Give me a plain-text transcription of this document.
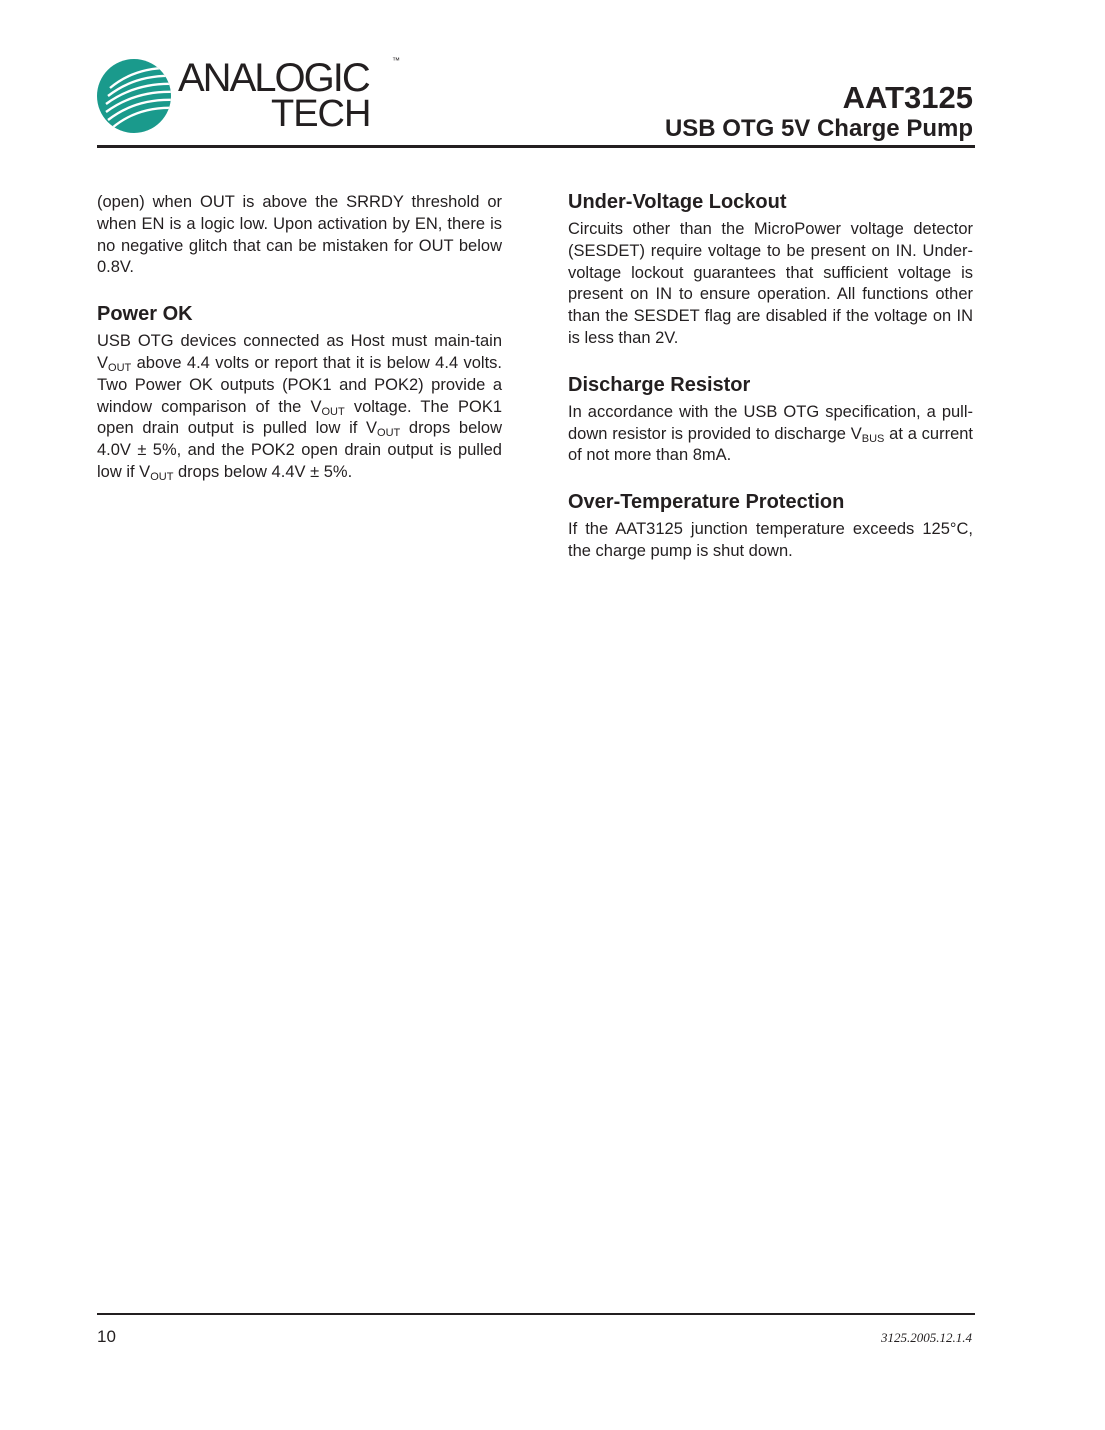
ANALOGIC	™
TECH	AAT3125
USB OTG 5V Charge Pump

(open) when OUT is above the SRRDY threshold or when EN is a logic low. Upon activation by EN, there is no negative glitch that can be mistaken for OUT below 0.8V.

Power OK

USB OTG devices connected as Host must main-tain $V_{OUT}$ above 4.4 volts or report that it is below 4.4 volts. Two Power OK outputs (POK1 and POK2) provide a window comparison of the $V_{OUT}$ voltage. The POK1 open drain output is pulled low if $V_{OUT}$ drops below 4.0V ± 5%, and the POK2 open drain output is pulled low if $V_{OUT}$ drops below 4.4V ± 5%.

Under-Voltage Lockout

Circuits other than the MicroPower voltage detector (SESDET) require voltage to be present on IN. Under-voltage lockout guarantees that sufficient voltage is present on IN to ensure operation. All functions other than the SESDET flag are disabled if the voltage on IN is less than 2V.

Discharge Resistor

In accordance with the USB OTG specification, a pull-down resistor is provided to discharge $V_{BUS}$ at a current of not more than 8mA.

Over-Temperature Protection

If the AAT3125 junction temperature exceeds 125°C, the charge pump is shut down.

10	3125.2005.12.1.4
